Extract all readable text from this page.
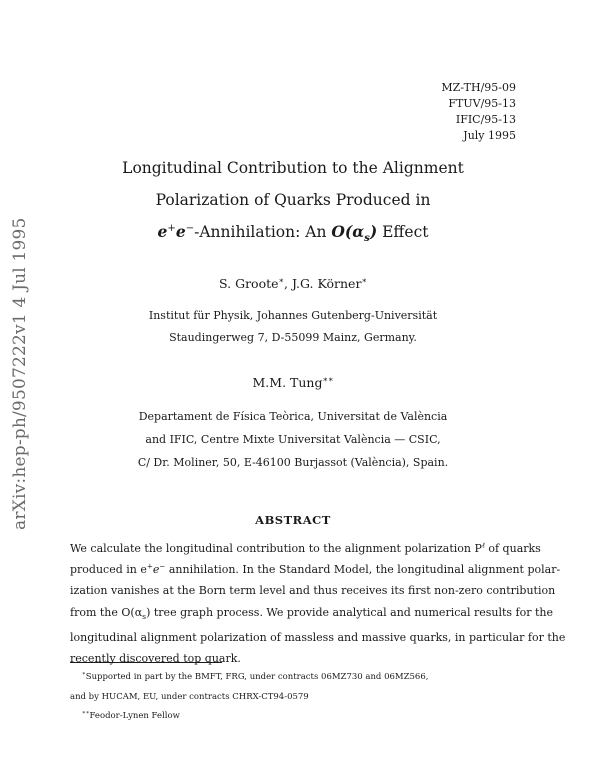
MZ-TH/95-09
FTUV/95-13
IFIC/95-13
July 1995
arXiv:hep-ph/9507222v1 4 Jul 1995
Longitudinal Contribution to the Alignment
Polarization of Quarks Produced in
e+e−-Annihilation: An $O(\alpha_s)$ Effect
S. Groote∗, J.G. Körner∗
Institut für Physik, Johannes Gutenberg-Universität
Staudingerweg 7, D-55099 Mainz, Germany.
M.M. Tung∗∗
Departament de Física Teòrica, Universitat de València
and IFIC, Centre Mixte Universitat València — CSIC,
C/ Dr. Moliner, 50, E-46100 Burjassot (València), Spain.
ABSTRACT
We calculate the longitudinal contribution to the alignment polarization $P^\ell$ of quarks
produced in e+e− annihilation. In the Standard Model, the longitudinal alignment polar-
ization vanishes at the Born term level and thus receives its first non-zero contribution
from the $O(\alpha_s)$ tree graph process. We provide analytical and numerical results for the
longitudinal alignment polarization of massless and massive quarks, in particular for the
recently discovered top quark.
∗Supported in part by the BMFT, FRG, under contracts 06MZ730 and 06MZ566,
and by HUCAM, EU, under contracts CHRX-CT94-0579
∗∗Feodor-Lynen Fellow
